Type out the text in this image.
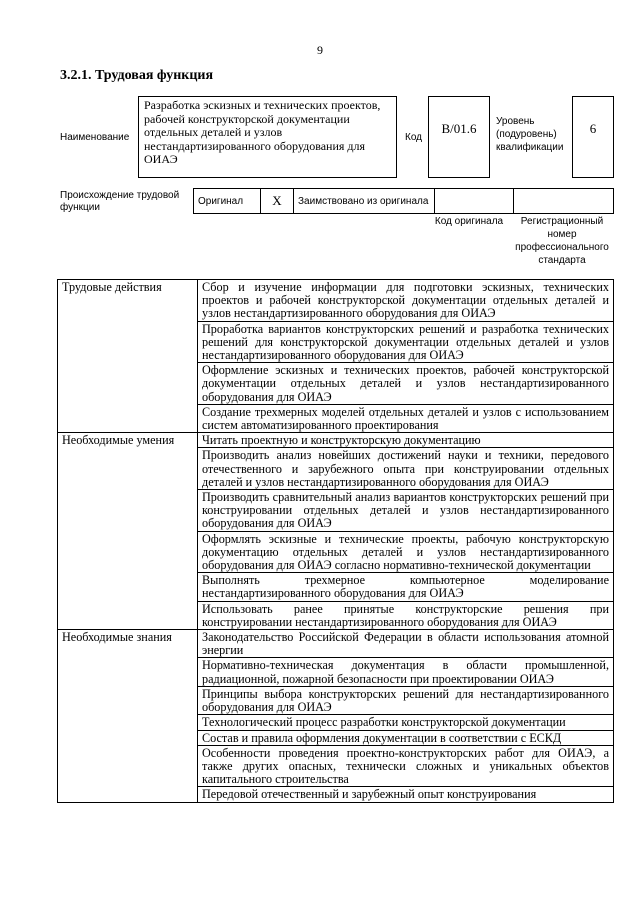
9
3.2.1. Трудовая функция
Наименование
Разработка эскизных и технических проектов, рабочей конструкторской документации отдельных деталей и узлов нестандартизированного оборудования для ОИАЭ
Код
В/01.6	Уровень (подуровень) квалификации
6
Происхождение трудовой функции
Оригинал	X	Заимствовано из оригинала		
Код оригинала	Регистрационный номер профессионального стандарта
Трудовые действия	Сбор и изучение информации для подготовки эскизных, технических проектов и рабочей конструкторской документации отдельных деталей и узлов нестандартизированного оборудования для ОИАЭ
	Проработка вариантов конструкторских решений и разработка технических решений для конструкторской документации отдельных деталей и узлов нестандартизированного оборудования для ОИАЭ
	Оформление эскизных и технических проектов, рабочей конструкторской документации отдельных деталей и узлов нестандартизированного оборудования для ОИАЭ
	Создание трехмерных моделей отдельных деталей и узлов с использованием систем автоматизированного проектирования
Необходимые умения	Читать проектную и конструкторскую документацию
	Производить анализ новейших достижений науки и техники, передового отечественного и зарубежного опыта при конструировании отдельных деталей и узлов нестандартизированного оборудования для ОИАЭ
	Производить сравнительный анализ вариантов конструкторских решений при конструировании отдельных деталей и узлов нестандартизированного оборудования для ОИАЭ
	Оформлять эскизные и технические проекты, рабочую конструкторскую документацию отдельных деталей и узлов нестандартизированного оборудования для ОИАЭ согласно нормативно-технической документации
	Выполнять трехмерное компьютерное моделирование нестандартизированного оборудования для ОИАЭ
	Использовать ранее принятые конструкторские решения при конструировании нестандартизированного оборудования для ОИАЭ
Необходимые знания	Законодательство Российской Федерации в области использования атомной энергии
	Нормативно-техническая документация в области промышленной, радиационной, пожарной безопасности при проектировании ОИАЭ
	Принципы выбора конструкторских решений для нестандартизированного оборудования для ОИАЭ
	Технологический процесс разработки конструкторской документации
	Состав и правила оформления документации в соответствии с ЕСКД
	Особенности проведения проектно-конструкторских работ для ОИАЭ, а также других опасных, технически сложных и уникальных объектов капитального строительства
	Передовой отечественный и зарубежный опыт конструирования
